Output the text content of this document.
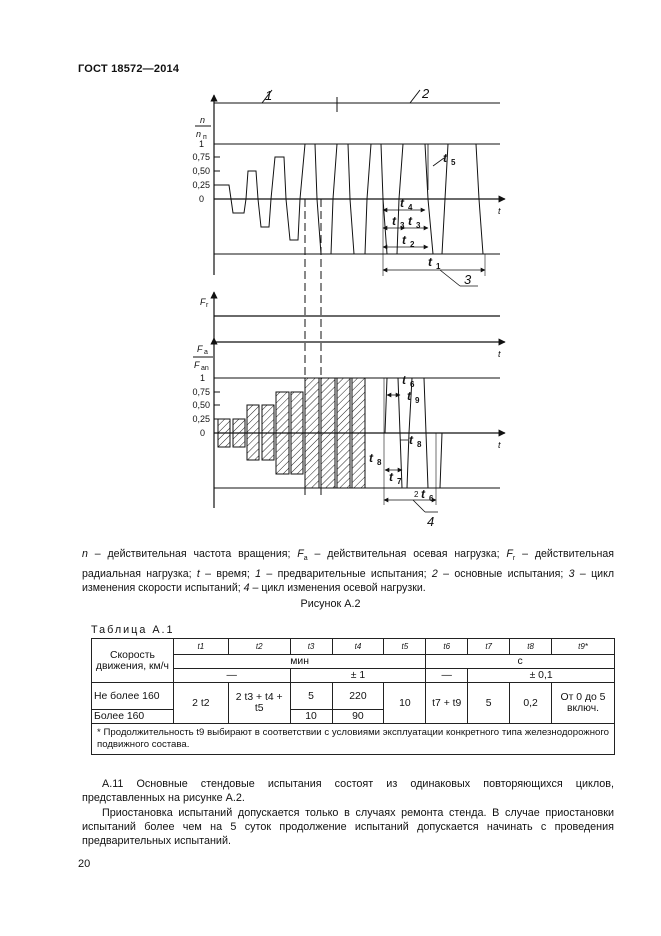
ГОСТ 18572—2014
n
n п
1
0,75
0,50
0,25
0
t
1	2
3
t 5
t 4
t 3 t 3
t 2
t 1
F r
t
F a
F an
1
0,75
0,50
0,25
0
t
t 6
t 9
t 8
t 8
t 7
2 t 6
4
n – действительная частота вращения; $F_a$ – действительная осевая нагрузка; $F_r$ – действительная радиальная нагрузка; t – время; 1 – предварительные испытания; 2 – основные испытания; 3 – цикл изменения скорости испытаний; 4 – цикл изменения осевой нагрузки.
Рисунок А.2
Таблица А.1
Скорость движения, км/ч	t1	t2	t3	t4	t5	t6	t7	t8	t9*
	мин					с			
	—		± 1			—	± 0,1		
Не более 160	2 t2	2 t3 + t4 + t5	5	220	10	t7 + t9	5	0,2	От 0 до 5 включ.
Более 160			10	90					
* Продолжительность t9 выбирают в соответствии с условиями эксплуатации конкретного типа железнодорожного подвижного состава.									
А.11 Основные стендовые испытания состоят из одинаковых повторяющихся циклов, представленных на рисунке А.2.
Приостановка испытаний допускается только в случаях ремонта стенда. В случае приостановки испытаний более чем на 5 суток продолжение испытаний допускается начинать с проведения предварительных испытаний.
20
